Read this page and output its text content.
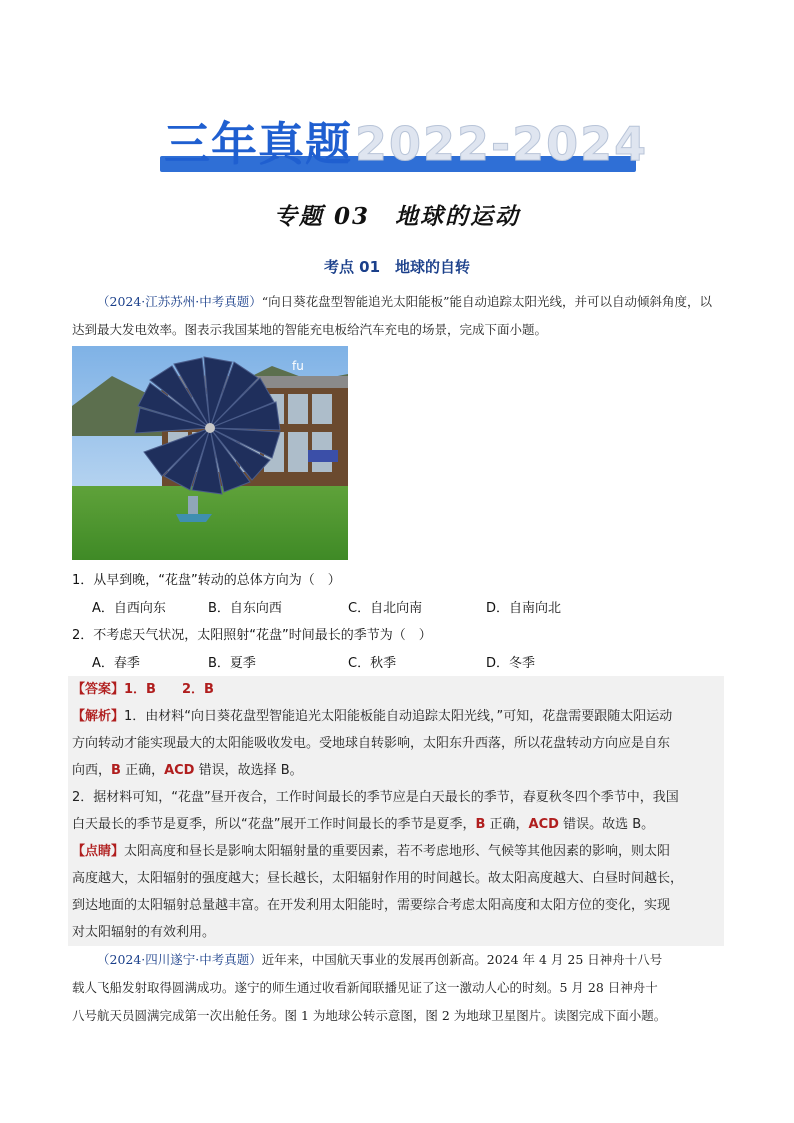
三年真题 2022-2024

专题 03　地球的运动
考点 01　地球的自转

（2024·江苏苏州·中考真题）“向日葵花盘型智能追光太阳能板”能自动追踪太阳光线，并可以自动倾斜角度，以达到最大发电效率。图表示我国某地的智能充电板给汽车充电的场景，完成下面小题。

fu

1．从早到晚，“花盘”转动的总体方向为（　）

A．自西向东	B．自东向西	C．自北向南	D．自南向北

2．不考虑天气状况，太阳照射“花盘”时间最长的季节为（　）

A．春季	B．夏季	C．秋季	D．冬季

【答案】1．B　　2．B

【解析】1．由材料“向日葵花盘型智能追光太阳能板能自动追踪太阳光线，”可知，花盘需要跟随太阳运动

方向转动才能实现最大的太阳能吸收发电。受地球自转影响，太阳东升西落，所以花盘转动方向应是自东

向西，B 正确，ACD 错误，故选择 B。

2．据材料可知，“花盘”昼开夜合，工作时间最长的季节应是白天最长的季节，春夏秋冬四个季节中，我国

白天最长的季节是夏季，所以“花盘”展开工作时间最长的季节是夏季，B 正确，ACD 错误。故选 B。

【点睛】太阳高度和昼长是影响太阳辐射量的重要因素，若不考虑地形、气候等其他因素的影响，则太阳

高度越大，太阳辐射的强度越大；昼长越长，太阳辐射作用的时间越长。故太阳高度越大、白昼时间越长，

到达地面的太阳辐射总量越丰富。在开发利用太阳能时，需要综合考虑太阳高度和太阳方位的变化，实现

对太阳辐射的有效利用。

（2024·四川遂宁·中考真题）近年来，中国航天事业的发展再创新高。2024 年 4 月 25 日神舟十八号

载人飞船发射取得圆满成功。遂宁的师生通过收看新闻联播见证了这一激动人心的时刻。5 月 28 日神舟十

八号航天员圆满完成第一次出舱任务。图 1 为地球公转示意图，图 2 为地球卫星图片。读图完成下面小题。
